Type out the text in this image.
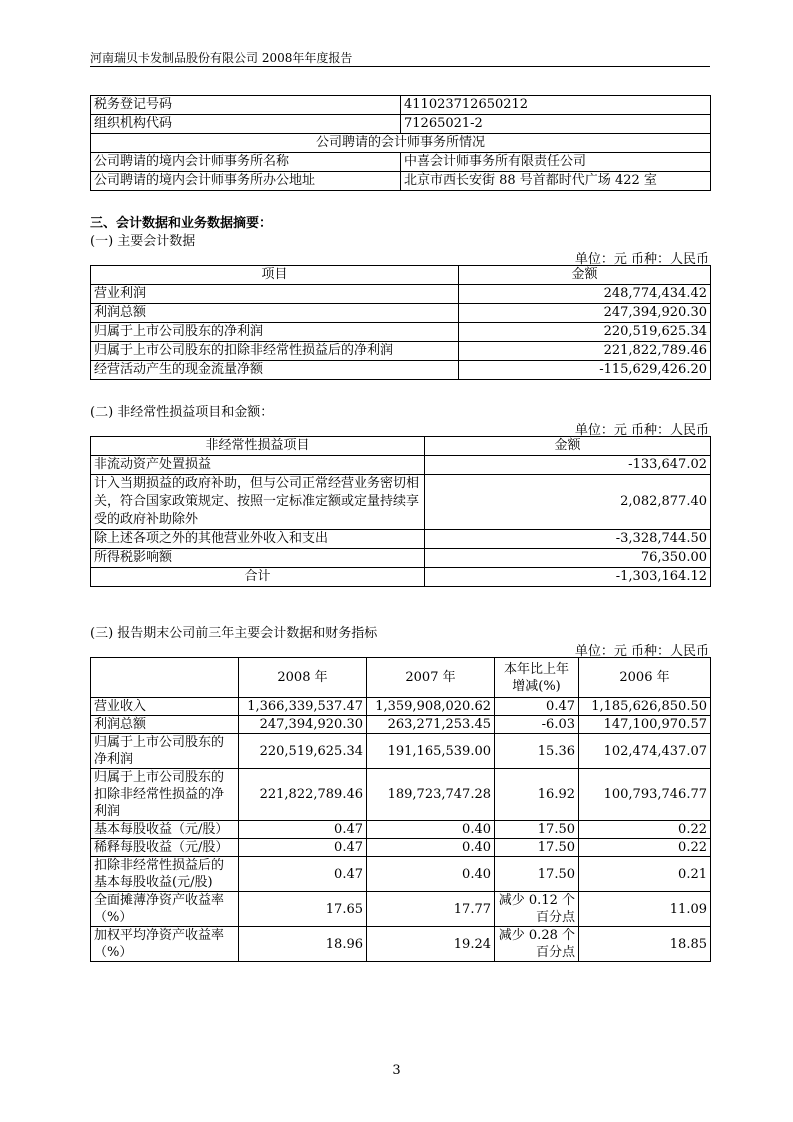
河南瑞贝卡发制品股份有限公司 2008年年度报告
税务登记号码	411023712650212
组织机构代码	71265021-2
公司聘请的会计师事务所情况	
公司聘请的境内会计师事务所名称	中喜会计师事务所有限责任公司
公司聘请的境内会计师事务所办公地址	北京市西长安街 88 号首都时代广场 422 室
三、会计数据和业务数据摘要：
(一) 主要会计数据
单位：元 币种：人民币
项目	金额
营业利润	248,774,434.42
利润总额	247,394,920.30
归属于上市公司股东的净利润	220,519,625.34
归属于上市公司股东的扣除非经常性损益后的净利润	221,822,789.46
经营活动产生的现金流量净额	-115,629,426.20
(二) 非经常性损益项目和金额：
单位：元 币种：人民币
非经常性损益项目	金额
非流动资产处置损益	-133,647.02
计入当期损益的政府补助，但与公司正常经营业务密切相关，符合国家政策规定、按照一定标准定额或定量持续享受的政府补助除外	2,082,877.40
除上述各项之外的其他营业外收入和支出	-3,328,744.50
所得税影响额	76,350.00
合计	-1,303,164.12
(三) 报告期末公司前三年主要会计数据和财务指标
单位：元 币种：人民币
	2008 年	2007 年	本年比上年增减(%)	2006 年
营业收入	1,366,339,537.47	1,359,908,020.62	0.47	1,185,626,850.50
利润总额	247,394,920.30	263,271,253.45	-6.03	147,100,970.57
归属于上市公司股东的净利润	220,519,625.34	191,165,539.00	15.36	102,474,437.07
归属于上市公司股东的扣除非经常性损益的净利润	221,822,789.46	189,723,747.28	16.92	100,793,746.77
基本每股收益（元/股）	0.47	0.40	17.50	0.22
稀释每股收益（元/股）	0.47	0.40	17.50	0.22
扣除非经常性损益后的基本每股收益(元/股)	0.47	0.40	17.50	0.21
全面摊薄净资产收益率（%）	17.65	17.77	减少 0.12 个百分点	11.09
加权平均净资产收益率（%）	18.96	19.24	减少 0.28 个百分点	18.85
3
